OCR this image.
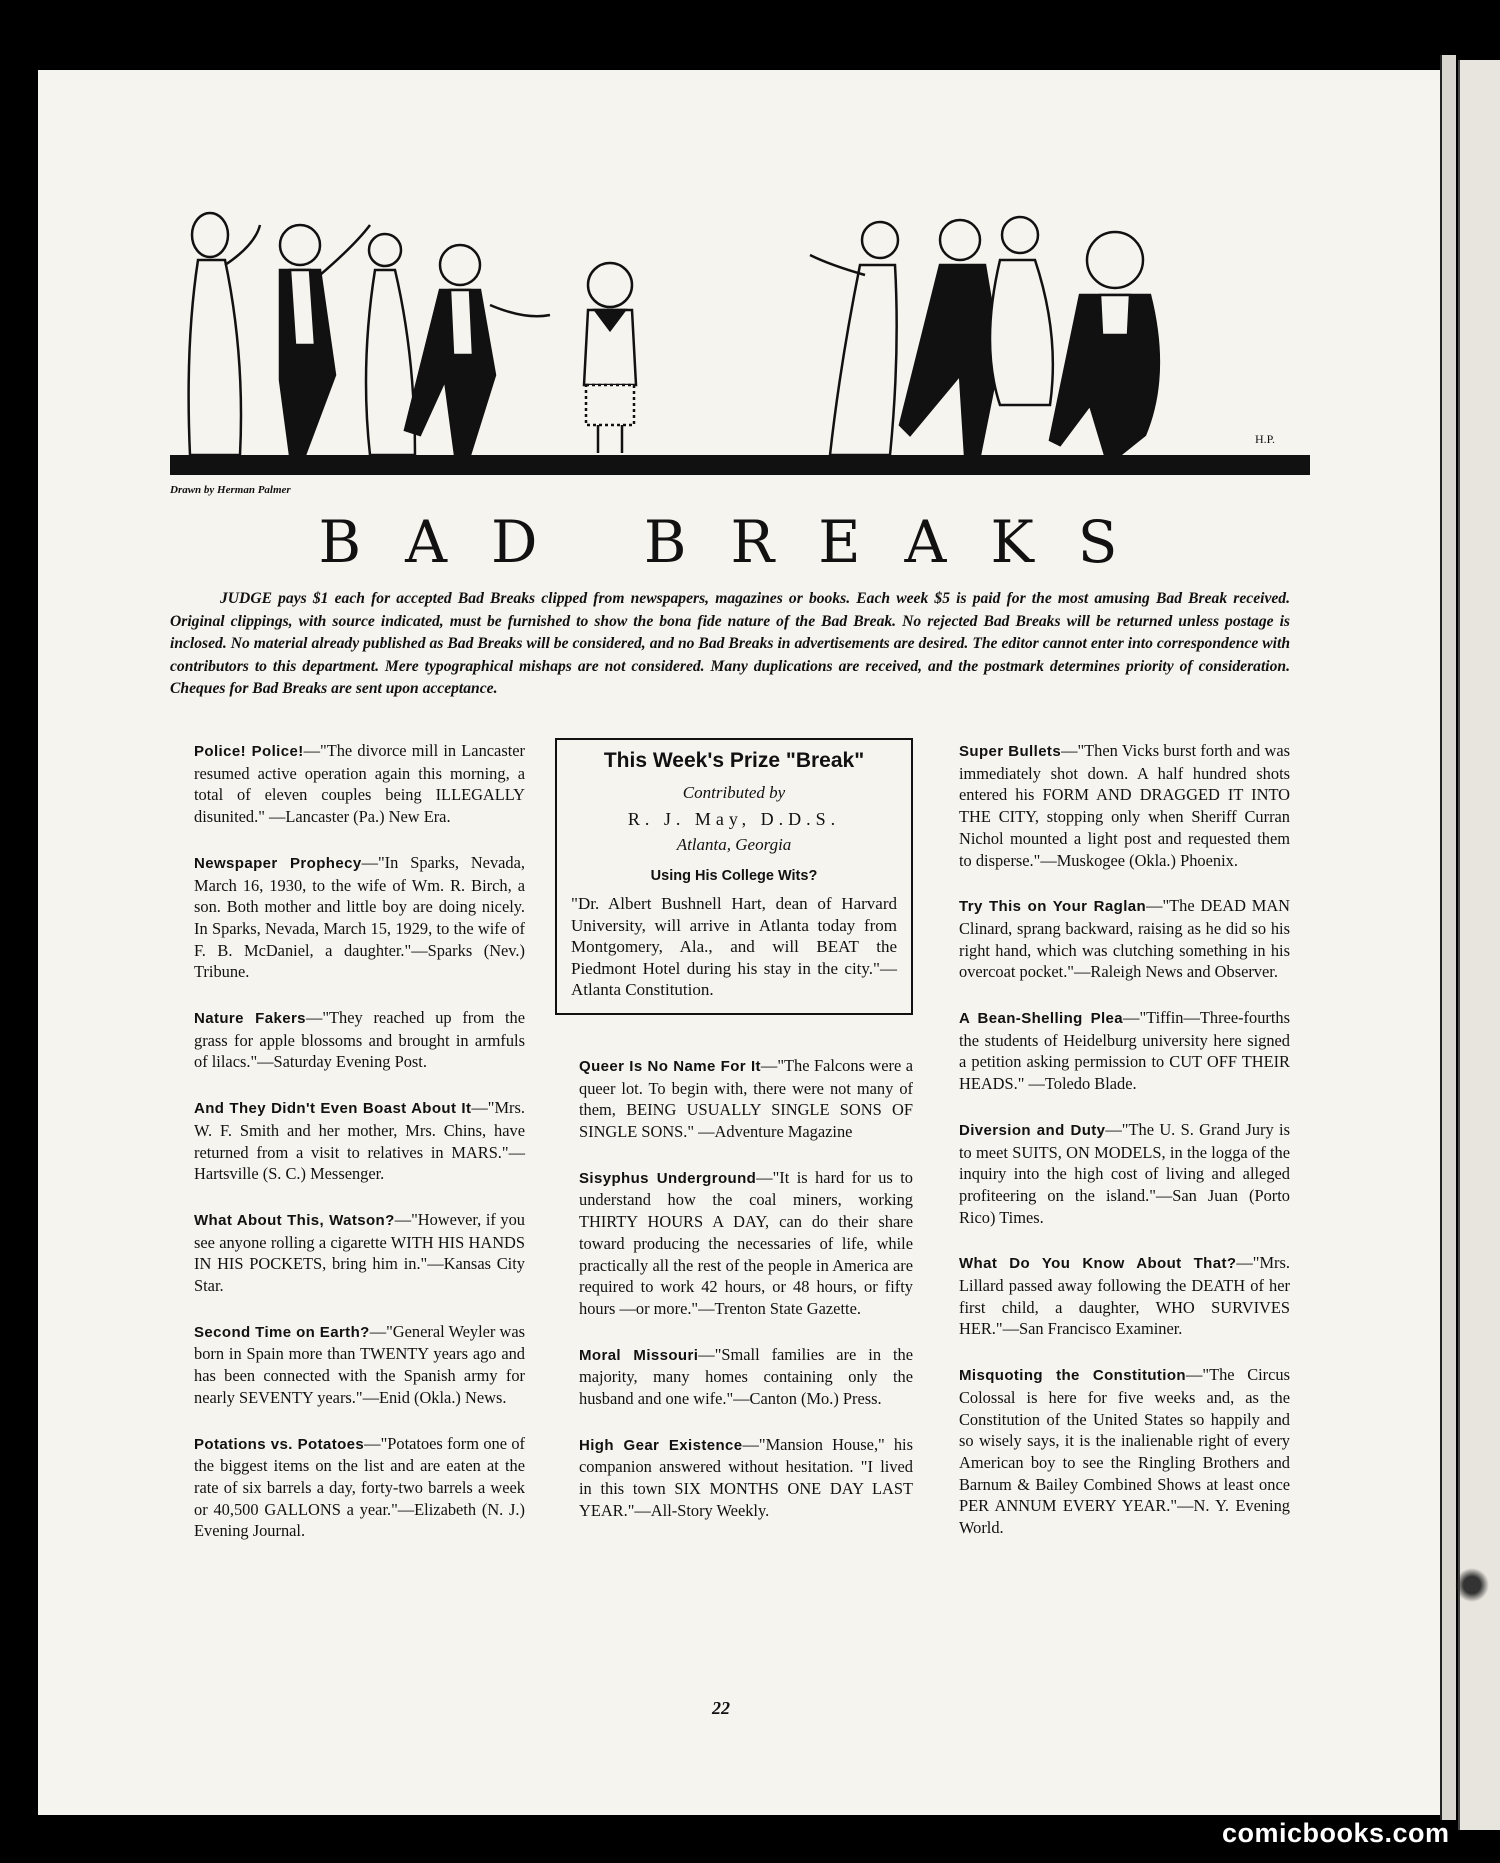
H.P.
Drawn by Herman Palmer
BAD BREAKS
JUDGE pays $1 each for accepted Bad Breaks clipped from newspapers, magazines or books. Each week $5 is paid for the most amusing Bad Break received. Original clippings, with source indicated, must be furnished to show the bona fide nature of the Bad Break. No rejected Bad Breaks will be returned unless postage is inclosed. No material already published as Bad Breaks will be considered, and no Bad Breaks in advertisements are desired. The editor cannot enter into correspondence with contributors to this department. Mere typographical mishaps are not considered. Many duplications are received, and the postmark determines priority of consideration. Cheques for Bad Breaks are sent upon acceptance.
Police! Police!—"The divorce mill in Lancaster resumed active operation again this morning, a total of eleven couples being ILLEGALLY disunited." —Lancaster (Pa.) New Era.
Newspaper Prophecy—"In Sparks, Nevada, March 16, 1930, to the wife of Wm. R. Birch, a son. Both mother and little boy are doing nicely. In Sparks, Nevada, March 15, 1929, to the wife of F. B. McDaniel, a daughter."—Sparks (Nev.) Tribune.
Nature Fakers—"They reached up from the grass for apple blossoms and brought in armfuls of lilacs."—Saturday Evening Post.
And They Didn't Even Boast About It—"Mrs. W. F. Smith and her mother, Mrs. Chins, have returned from a visit to relatives in MARS."—Hartsville (S. C.) Messenger.
What About This, Watson?—"However, if you see anyone rolling a cigarette WITH HIS HANDS IN HIS POCKETS, bring him in."—Kansas City Star.
Second Time on Earth?—"General Weyler was born in Spain more than TWENTY years ago and has been connected with the Spanish army for nearly SEVENTY years."—Enid (Okla.) News.
Potations vs. Potatoes—"Potatoes form one of the biggest items on the list and are eaten at the rate of six barrels a day, forty-two barrels a week or 40,500 GALLONS a year."—Elizabeth (N. J.) Evening Journal.
This Week's Prize "Break"
Contributed by
R. J. May, D.D.S.
Atlanta, Georgia
Using His College Wits?
"Dr. Albert Bushnell Hart, dean of Harvard University, will arrive in Atlanta today from Montgomery, Ala., and will BEAT the Piedmont Hotel during his stay in the city."—Atlanta Constitution.
Queer Is No Name For It—"The Falcons were a queer lot. To begin with, there were not many of them, BEING USUALLY SINGLE SONS OF SINGLE SONS." —Adventure Magazine
Sisyphus Underground—"It is hard for us to understand how the coal miners, working THIRTY HOURS A DAY, can do their share toward producing the necessaries of life, while practically all the rest of the people in America are required to work 42 hours, or 48 hours, or fifty hours —or more."—Trenton State Gazette.
Moral Missouri—"Small families are in the majority, many homes containing only the husband and one wife."—Canton (Mo.) Press.
High Gear Existence—"Mansion House," his companion answered without hesitation. "I lived in this town SIX MONTHS ONE DAY LAST YEAR."—All-Story Weekly.
Super Bullets—"Then Vicks burst forth and was immediately shot down. A half hundred shots entered his FORM AND DRAGGED IT INTO THE CITY, stopping only when Sheriff Curran Nichol mounted a light post and requested them to disperse."—Muskogee (Okla.) Phoenix.
Try This on Your Raglan—"The DEAD MAN Clinard, sprang backward, raising as he did so his right hand, which was clutching something in his overcoat pocket."—Raleigh News and Observer.
A Bean-Shelling Plea—"Tiffin—Three-fourths the students of Heidelburg university here signed a petition asking permission to CUT OFF THEIR HEADS." —Toledo Blade.
Diversion and Duty—"The U. S. Grand Jury is to meet SUITS, ON MODELS, in the logga of the inquiry into the high cost of living and alleged profiteering on the island."—San Juan (Porto Rico) Times.
What Do You Know About That?—"Mrs. Lillard passed away following the DEATH of her first child, a daughter, WHO SURVIVES HER."—San Francisco Examiner.
Misquoting the Constitution—"The Circus Colossal is here for five weeks and, as the Constitution of the United States so happily and so wisely says, it is the inalienable right of every American boy to see the Ringling Brothers and Barnum & Bailey Combined Shows at least once PER ANNUM EVERY YEAR."—N. Y. Evening World.
22
comicbooks.com
